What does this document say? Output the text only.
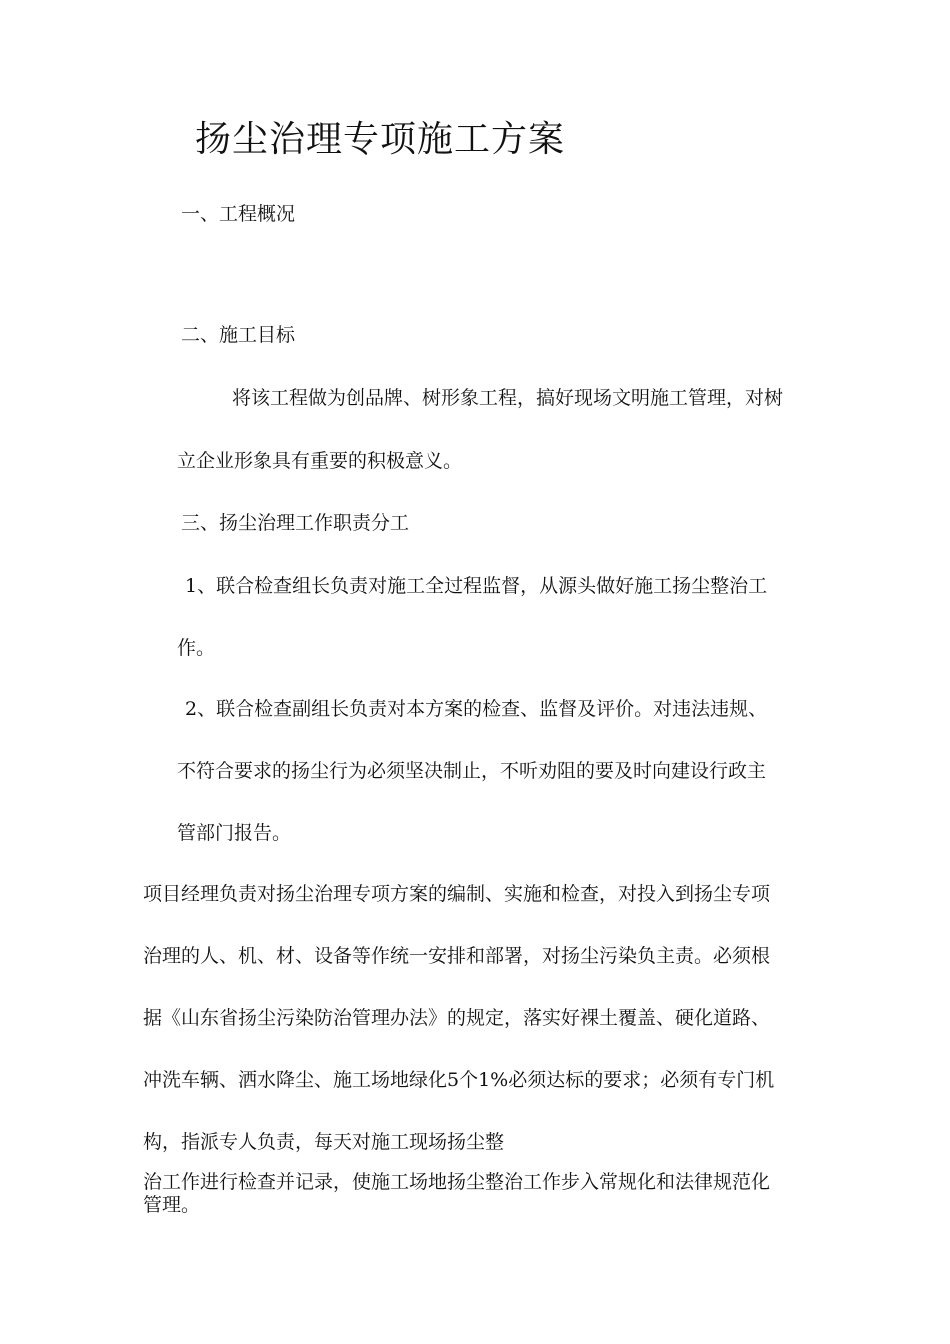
扬尘治理专项施工方案
一、工程概况
二、施工目标
将该工程做为创品牌、树形象工程，搞好现场文明施工管理，对树
立企业形象具有重要的积极意义。
三、扬尘治理工作职责分工
1、联合检查组长负责对施工全过程监督，从源头做好施工扬尘整治工
作。
2、联合检查副组长负责对本方案的检查、监督及评价。对违法违规、
不符合要求的扬尘行为必须坚决制止，不听劝阻的要及时向建设行政主
管部门报告。
项目经理负责对扬尘治理专项方案的编制、实施和检查，对投入到扬尘专项
治理的人、机、材、设备等作统一安排和部署，对扬尘污染负主责。必须根
据《山东省扬尘污染防治管理办法》的规定，落实好裸土覆盖、硬化道路、
冲洗车辆、洒水降尘、施工场地绿化5个1%必须达标的要求；必须有专门机
构，指派专人负责，每天对施工现场扬尘整
治工作进行检查并记录，使施工场地扬尘整治工作步入常规化和法律规范化
管理。
